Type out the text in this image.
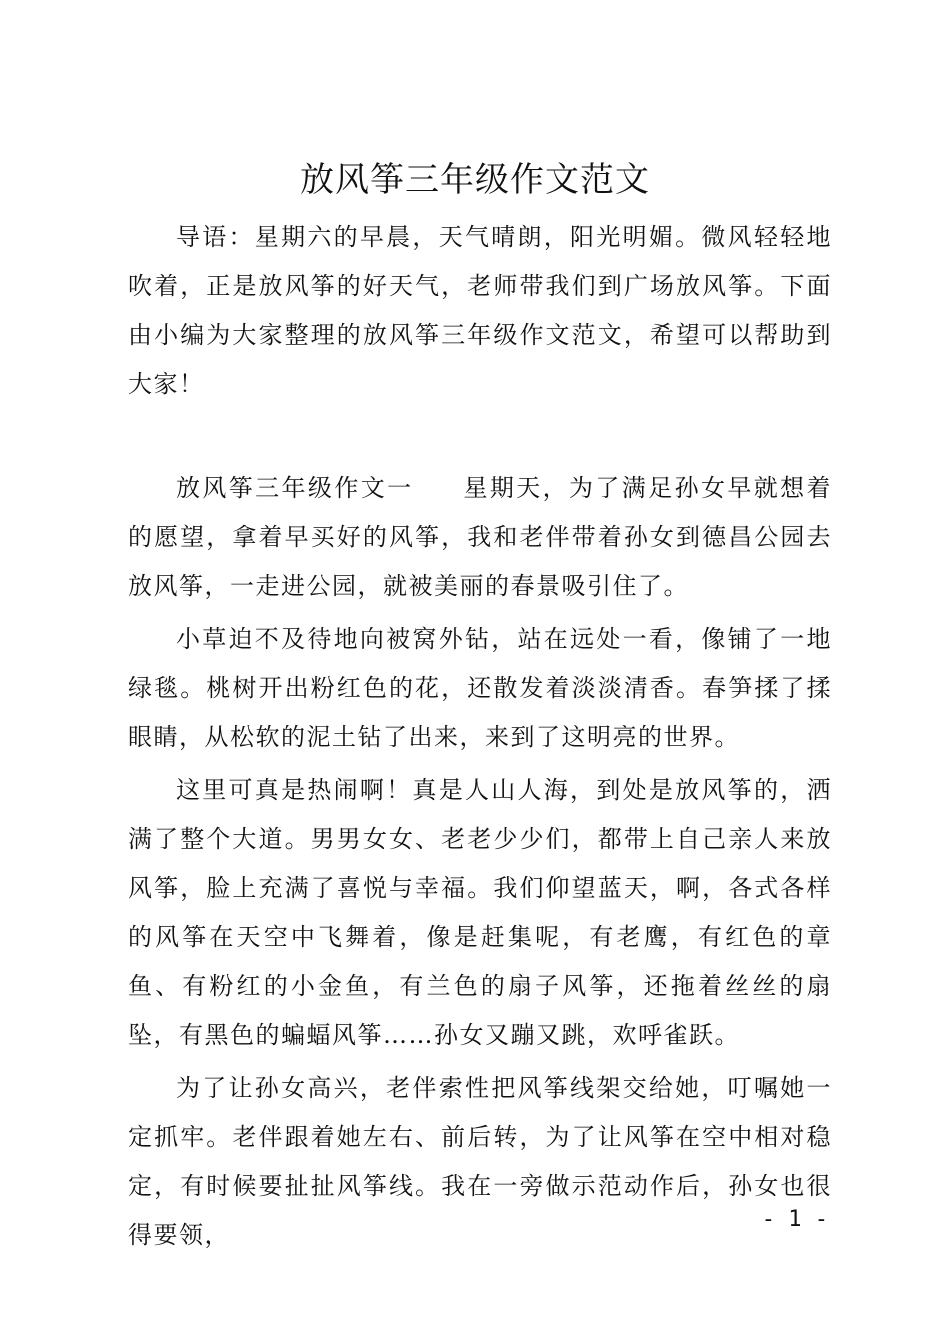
放风筝三年级作文范文

导语：星期六的早晨，天气晴朗，阳光明媚。微风轻轻地吹着，正是放风筝的好天气，老师带我们到广场放风筝。下面由小编为大家整理的放风筝三年级作文范文，希望可以帮助到大家！

放风筝三年级作文一 星期天，为了满足孙女早就想着的愿望，拿着早买好的风筝，我和老伴带着孙女到德昌公园去放风筝，一走进公园，就被美丽的春景吸引住了。

小草迫不及待地向被窝外钻，站在远处一看，像铺了一地绿毯。桃树开出粉红色的花，还散发着淡淡清香。春笋揉了揉眼睛，从松软的泥土钻了出来，来到了这明亮的世界。

这里可真是热闹啊！真是人山人海，到处是放风筝的，洒满了整个大道。男男女女、老老少少们，都带上自己亲人来放风筝，脸上充满了喜悦与幸福。我们仰望蓝天，啊，各式各样的风筝在天空中飞舞着，像是赶集呢，有老鹰，有红色的章鱼、有粉红的小金鱼，有兰色的扇子风筝，还拖着丝丝的扇坠，有黑色的蝙蝠风筝……孙女又蹦又跳，欢呼雀跃。

为了让孙女高兴，老伴索性把风筝线架交给她，叮嘱她一定抓牢。老伴跟着她左右、前后转，为了让风筝在空中相对稳定，有时候要扯扯风筝线。我在一旁做示范动作后，孙女也很得要领，

- 1 -
